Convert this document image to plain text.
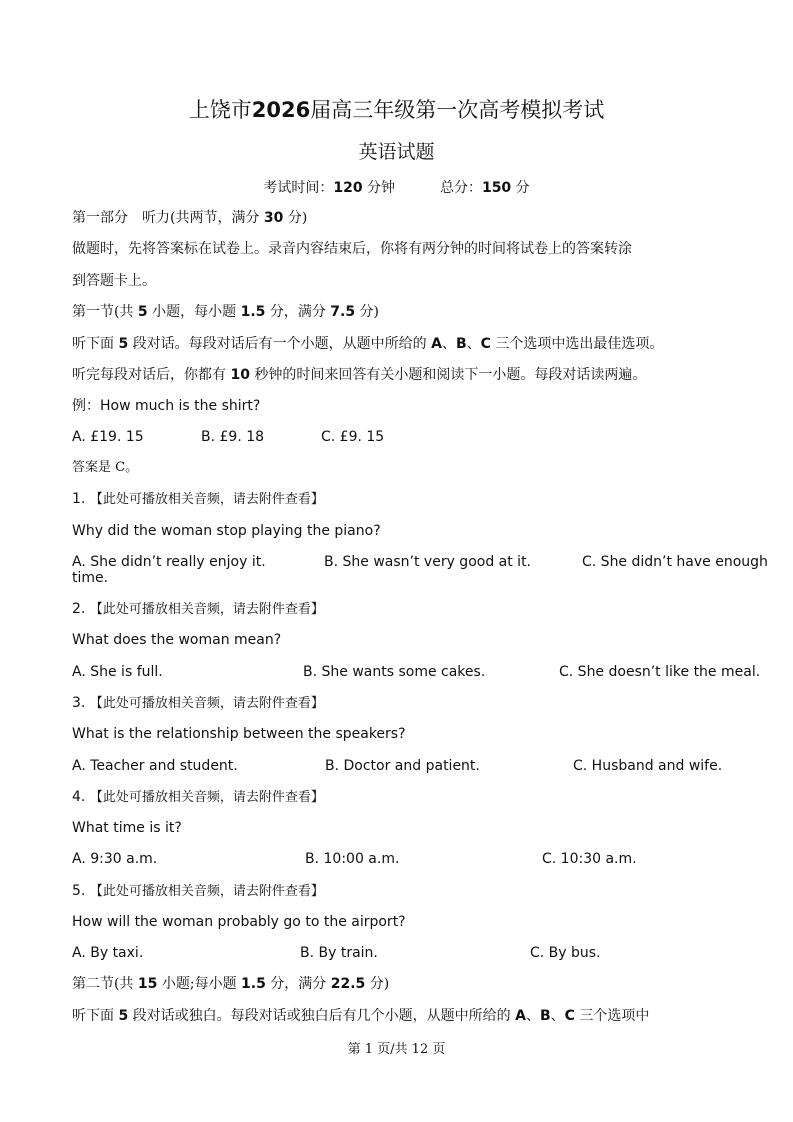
上饶市2026届高三年级第一次高考模拟考试
英语试题
考试时间：120 分钟	总分：150 分
第一部分　听力(共两节，满分 30 分)
做题时，先将答案标在试卷上。录音内容结束后，你将有两分钟的时间将试卷上的答案转涂
到答题卡上。
第一节(共 5 小题，每小题 1.5 分，满分 7.5 分)
听下面 5 段对话。每段对话后有一个小题，从题中所给的 A、B、C 三个选项中选出最佳选项。
听完每段对话后，你都有 10 秒钟的时间来回答有关小题和阅读下一小题。每段对话读两遍。
例：How much is the shirt?
A. £19. 15	B. £9. 18	C. £9. 15
答案是 C。
1. 【此处可播放相关音频，请去附件查看】
Why did the woman stop playing the piano?
A. She didn’t really enjoy it.	B. She wasn’t very good at it.	C. She didn’t have enough
time.
2. 【此处可播放相关音频，请去附件查看】
What does the woman mean?
A. She is full.	B. She wants some cakes.	C. She doesn’t like the meal.
3. 【此处可播放相关音频，请去附件查看】
What is the relationship between the speakers?
A. Teacher and student.	B. Doctor and patient.	C. Husband and wife.
4. 【此处可播放相关音频，请去附件查看】
What time is it?
A. 9:30 a.m.	B. 10:00 a.m.	C. 10:30 a.m.
5. 【此处可播放相关音频，请去附件查看】
How will the woman probably go to the airport?
A. By taxi.	B. By train.	C. By bus.
第二节(共 15 小题;每小题 1.5 分，满分 22.5 分)
听下面 5 段对话或独白。每段对话或独白后有几个小题，从题中所给的 A、B、C 三个选项中
第 1 页/共 12 页
